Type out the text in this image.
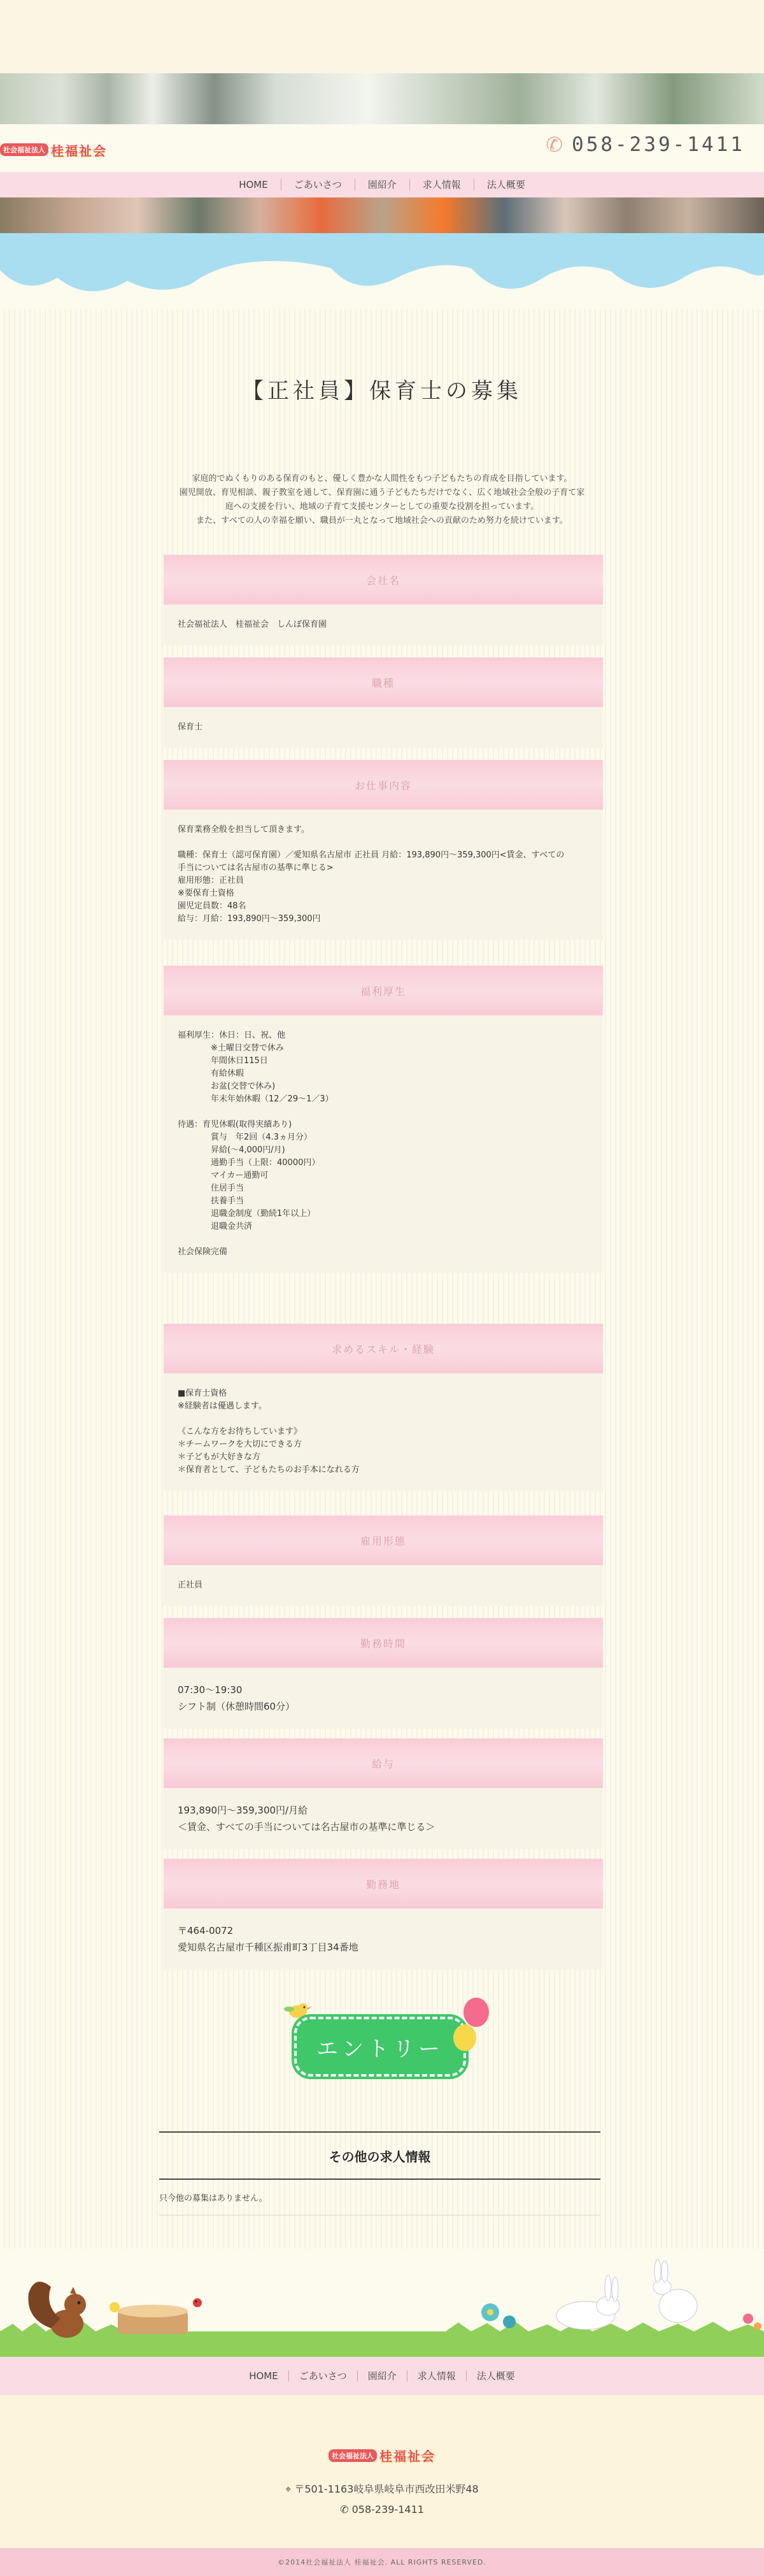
社会福祉法人 桂福祉会	✆ 058-239-1411
HOME	ごあいさつ	園紹介	求人情報	法人概要
【正社員】保育士の募集

家庭的でぬくもりのある保育のもと、優しく豊かな人間性をもつ子どもたちの育成を目指しています。

園児開放、育児相談、親子教室を通して、保育園に通う子どもたちだけでなく、広く地域社会全般の子育て家

庭への支援を行い、地域の子育て支援センターとしての重要な役割を担っています。

また、すべての人の幸福を願い、職員が一丸となって地域社会への貢献のため努力を続けています。

会社名
社会福祉法人　桂福祉会　しんぽ保育園
職種
保育士
お仕事内容
保育業務全般を担当して頂きます。
職種：保育士（認可保育園）／愛知県名古屋市 正社員 月給：193,890円～359,300円<賃金、すべての
手当については名古屋市の基準に準じる>
雇用形態：正社員
※要保育士資格
園児定員数：48名
給与：月給：193,890円～359,300円
福利厚生
福利厚生：休日：日、祝、他
　　　　※土曜日交替で休み
　　　　年間休日115日
　　　　有給休暇
　　　　お盆(交替で休み)
　　　　年末年始休暇（12／29～1／3）
待遇：育児休暇(取得実績あり)
　　　　賞与　年2回（4.3ヵ月分）
　　　　昇給(～4,000円/月)
　　　　通勤手当（上限：40000円）
　　　　マイカー通勤可
　　　　住居手当
　　　　扶養手当
　　　　退職金制度（勤続1年以上）
　　　　退職金共済
社会保険完備
求めるスキル・経験
■保育士資格
※経験者は優遇します。
《こんな方をお待ちしています》
＊チームワークを大切にできる方
＊子どもが大好きな方
＊保育者として、子どもたちのお手本になれる方
雇用形態
正社員
勤務時間
07:30～19:30
シフト制（休憩時間60分）
給与
193,890円～359,300円/月給
＜賃金、すべての手当については名古屋市の基準に準じる＞
勤務地
〒464-0072
愛知県名古屋市千種区振甫町3丁目34番地
エントリー
その他の求人情報
只今他の募集はありません。
HOME	ごあいさつ	園紹介	求人情報	法人概要
社会福祉法人 桂福祉会
⌖ 〒501-1163岐阜県岐阜市西改田米野48
✆ 058-239-1411
©2014社会福祉法人 桂福祉会. ALL RIGHTS RESERVED.
